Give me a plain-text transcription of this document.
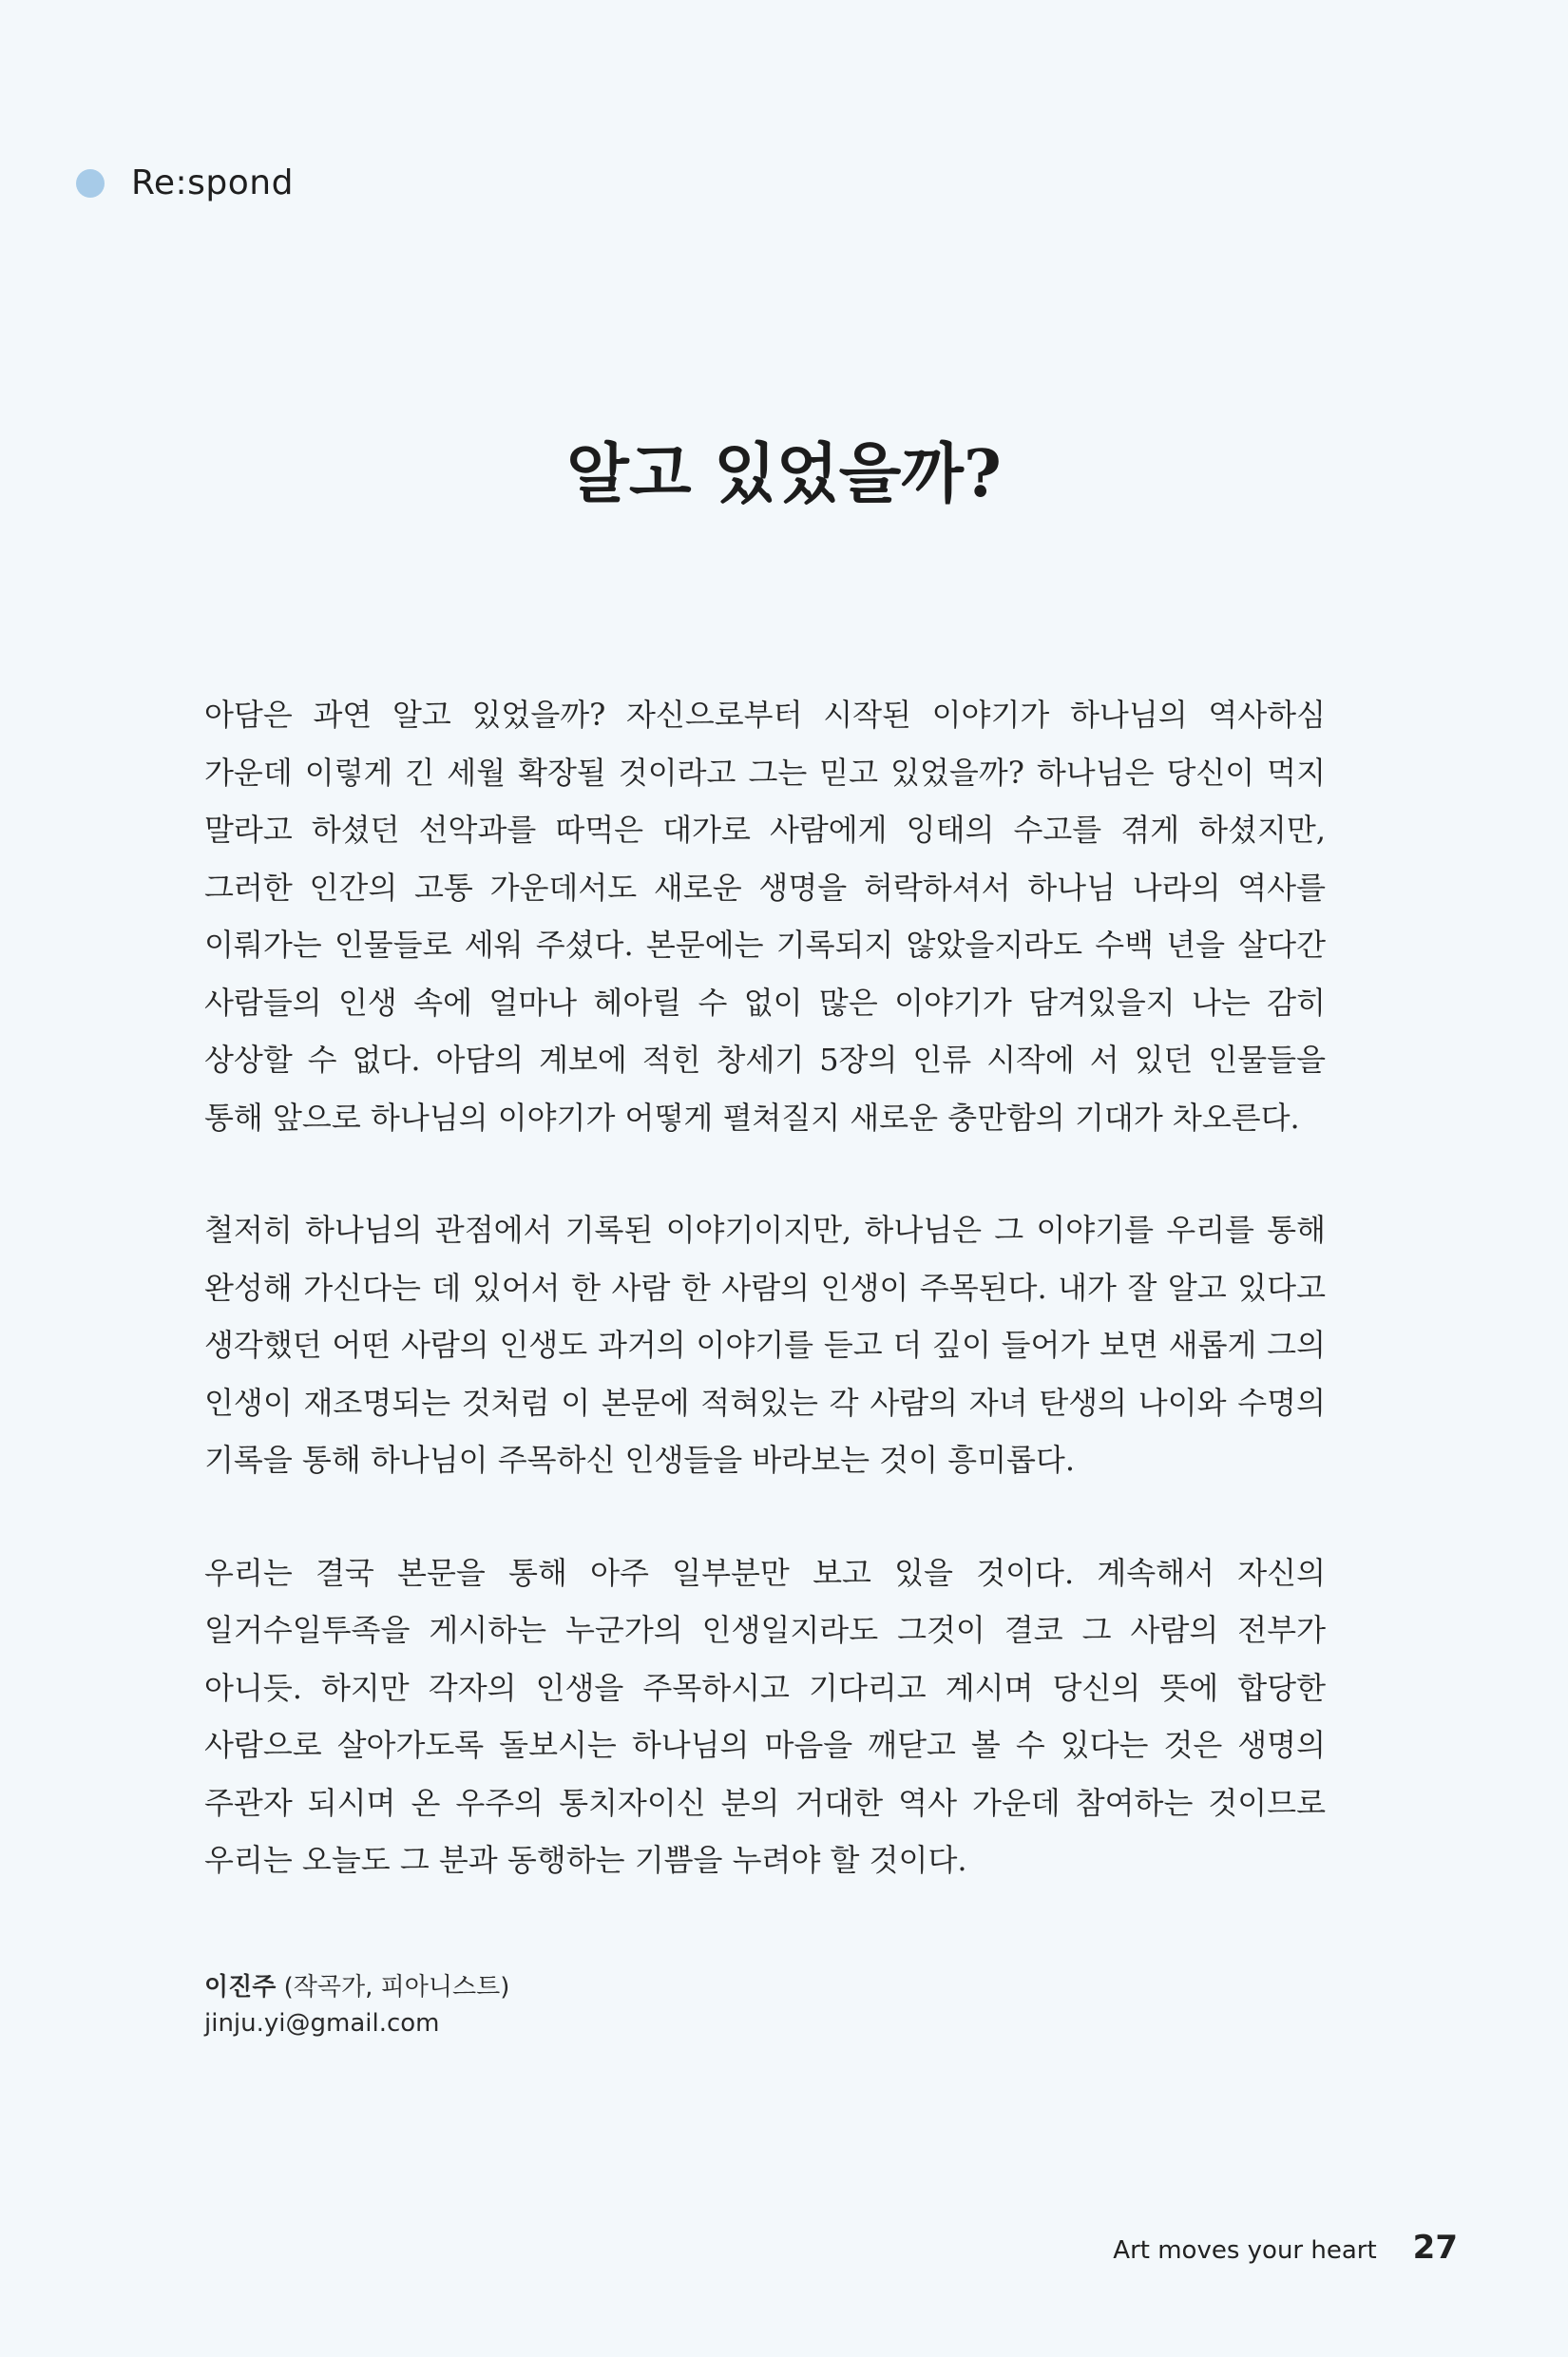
Re:spond
알고 있었을까?

아담은 과연 알고 있었을까? 자신으로부터 시작된 이야기가 하나님의 역사하심 가운데 이렇게 긴 세월 확장될 것이라고 그는 믿고 있었을까? 하나님은 당신이 먹지 말라고 하셨던 선악과를 따먹은 대가로 사람에게 잉태의 수고를 겪게 하셨지만, 그러한 인간의 고통 가운데서도 새로운 생명을 허락하셔서 하나님 나라의 역사를 이뤄가는 인물들로 세워 주셨다. 본문에는 기록되지 않았을지라도 수백 년을 살다간 사람들의 인생 속에 얼마나 헤아릴 수 없이 많은 이야기가 담겨있을지 나는 감히 상상할 수 없다. 아담의 계보에 적힌 창세기 5장의 인류 시작에 서 있던 인물들을 통해 앞으로 하나님의 이야기가 어떻게 펼쳐질지 새로운 충만함의 기대가 차오른다.

철저히 하나님의 관점에서 기록된 이야기이지만, 하나님은 그 이야기를 우리를 통해 완성해 가신다는 데 있어서 한 사람 한 사람의 인생이 주목된다. 내가 잘 알고 있다고 생각했던 어떤 사람의 인생도 과거의 이야기를 듣고 더 깊이 들어가 보면 새롭게 그의 인생이 재조명되는 것처럼 이 본문에 적혀있는 각 사람의 자녀 탄생의 나이와 수명의 기록을 통해 하나님이 주목하신 인생들을 바라보는 것이 흥미롭다.

우리는 결국 본문을 통해 아주 일부분만 보고 있을 것이다. 계속해서 자신의 일거수일투족을 게시하는 누군가의 인생일지라도 그것이 결코 그 사람의 전부가 아니듯. 하지만 각자의 인생을 주목하시고 기다리고 계시며 당신의 뜻에 합당한 사람으로 살아가도록 돌보시는 하나님의 마음을 깨닫고 볼 수 있다는 것은 생명의 주관자 되시며 온 우주의 통치자이신 분의 거대한 역사 가운데 참여하는 것이므로 우리는 오늘도 그 분과 동행하는 기쁨을 누려야 할 것이다.

이진주 (작곡가, 피아니스트)
jinju.yi@gmail.com
Art moves your heart 27
